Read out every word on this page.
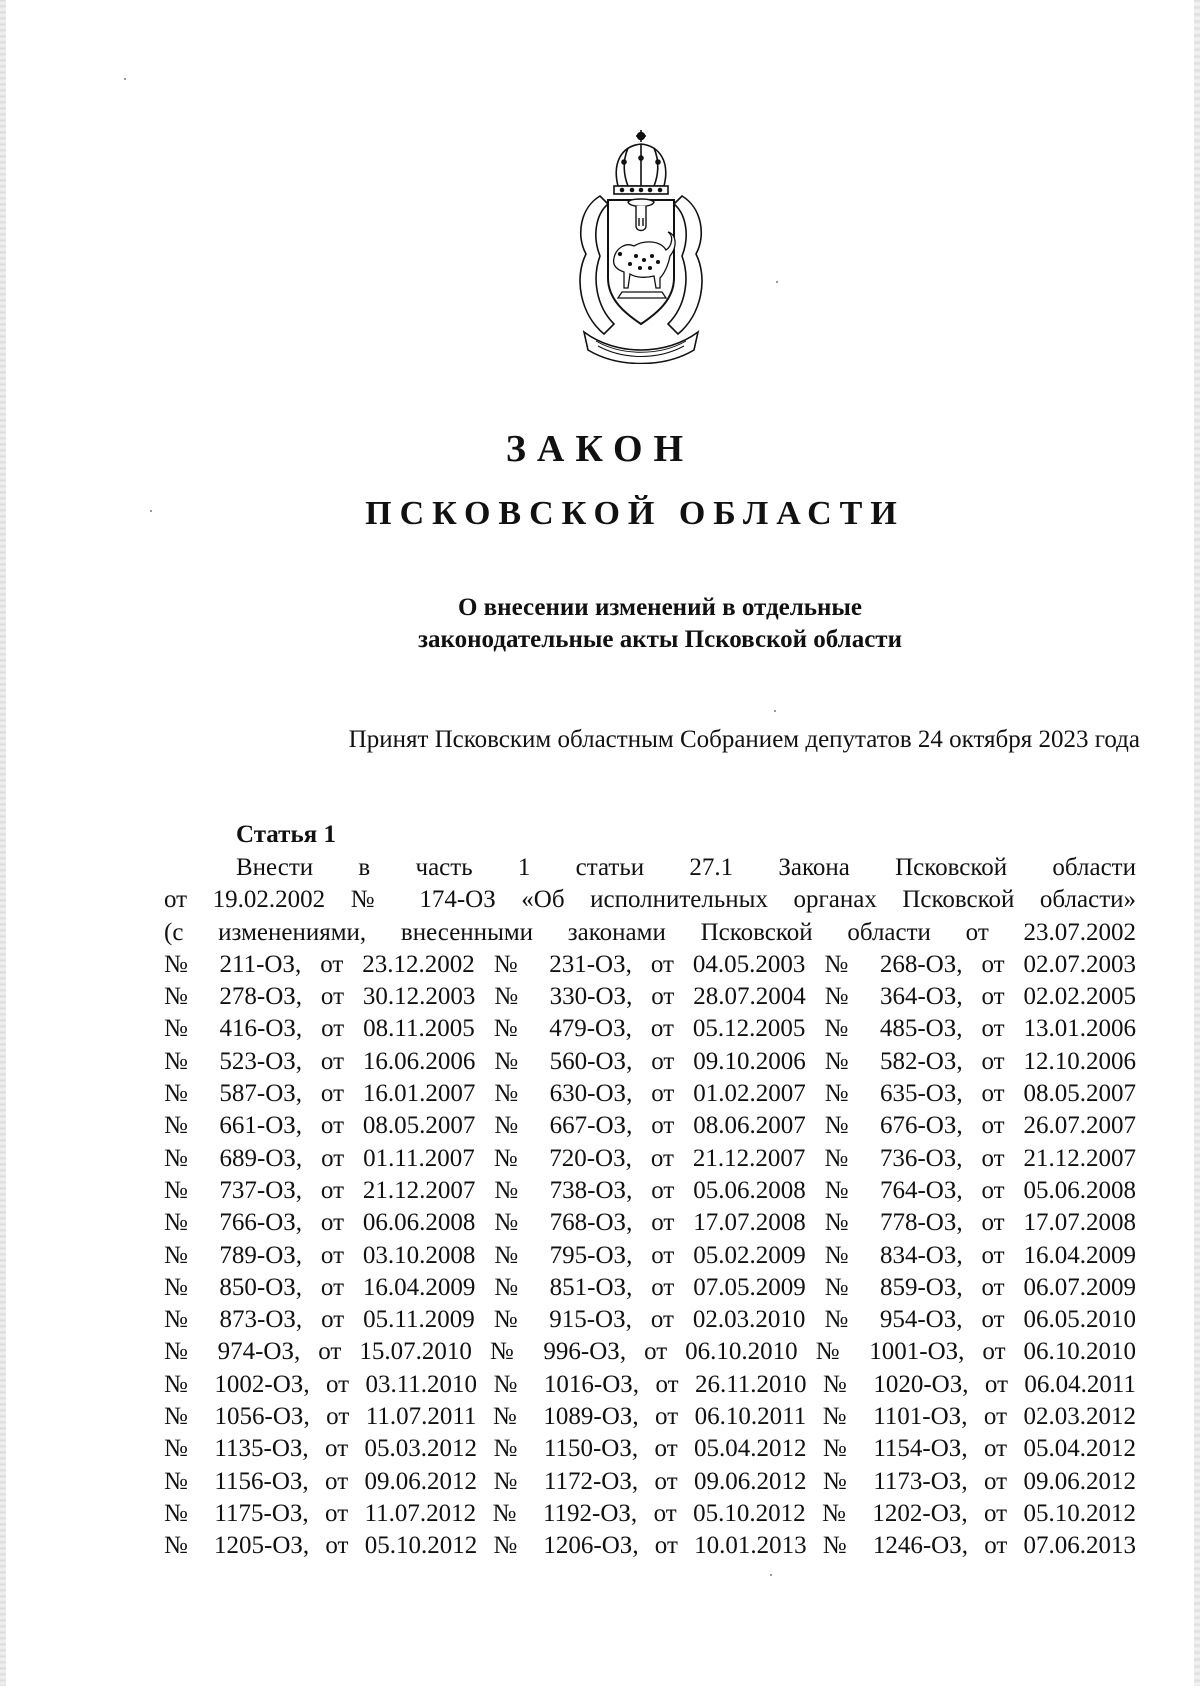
ЗАКОН
ПСКОВСКОЙ ОБЛАСТИ
О внесении изменений в отдельные
законодательные акты Псковской области
Принят Псковским областным Собранием депутатов 24 октября 2023 года
Статья 1
Внести в часть 1 статьи 27.1 Закона Псковской области
от 19.02.2002 № 174-ОЗ «Об исполнительных органах Псковской области»
(с изменениями, внесенными законами Псковской области от 23.07.2002
№ 211-ОЗ, от 23.12.2002 № 231-ОЗ, от 04.05.2003 № 268-ОЗ, от 02.07.2003
№ 278-ОЗ, от 30.12.2003 № 330-ОЗ, от 28.07.2004 № 364-ОЗ, от 02.02.2005
№ 416-ОЗ, от 08.11.2005 № 479-ОЗ, от 05.12.2005 № 485-ОЗ, от 13.01.2006
№ 523-ОЗ, от 16.06.2006 № 560-ОЗ, от 09.10.2006 № 582-ОЗ, от 12.10.2006
№ 587-ОЗ, от 16.01.2007 № 630-ОЗ, от 01.02.2007 № 635-ОЗ, от 08.05.2007
№ 661-ОЗ, от 08.05.2007 № 667-ОЗ, от 08.06.2007 № 676-ОЗ, от 26.07.2007
№ 689-ОЗ, от 01.11.2007 № 720-ОЗ, от 21.12.2007 № 736-ОЗ, от 21.12.2007
№ 737-ОЗ, от 21.12.2007 № 738-ОЗ, от 05.06.2008 № 764-ОЗ, от 05.06.2008
№ 766-ОЗ, от 06.06.2008 № 768-ОЗ, от 17.07.2008 № 778-ОЗ, от 17.07.2008
№ 789-ОЗ, от 03.10.2008 № 795-ОЗ, от 05.02.2009 № 834-ОЗ, от 16.04.2009
№ 850-ОЗ, от 16.04.2009 № 851-ОЗ, от 07.05.2009 № 859-ОЗ, от 06.07.2009
№ 873-ОЗ, от 05.11.2009 № 915-ОЗ, от 02.03.2010 № 954-ОЗ, от 06.05.2010
№ 974-ОЗ, от 15.07.2010 № 996-ОЗ, от 06.10.2010 № 1001-ОЗ, от 06.10.2010
№ 1002-ОЗ, от 03.11.2010 № 1016-ОЗ, от 26.11.2010 № 1020-ОЗ, от 06.04.2011
№ 1056-ОЗ, от 11.07.2011 № 1089-ОЗ, от 06.10.2011 № 1101-ОЗ, от 02.03.2012
№ 1135-ОЗ, от 05.03.2012 № 1150-ОЗ, от 05.04.2012 № 1154-ОЗ, от 05.04.2012
№ 1156-ОЗ, от 09.06.2012 № 1172-ОЗ, от 09.06.2012 № 1173-ОЗ, от 09.06.2012
№ 1175-ОЗ, от 11.07.2012 № 1192-ОЗ, от 05.10.2012 № 1202-ОЗ, от 05.10.2012
№ 1205-ОЗ, от 05.10.2012 № 1206-ОЗ, от 10.01.2013 № 1246-ОЗ, от 07.06.2013
